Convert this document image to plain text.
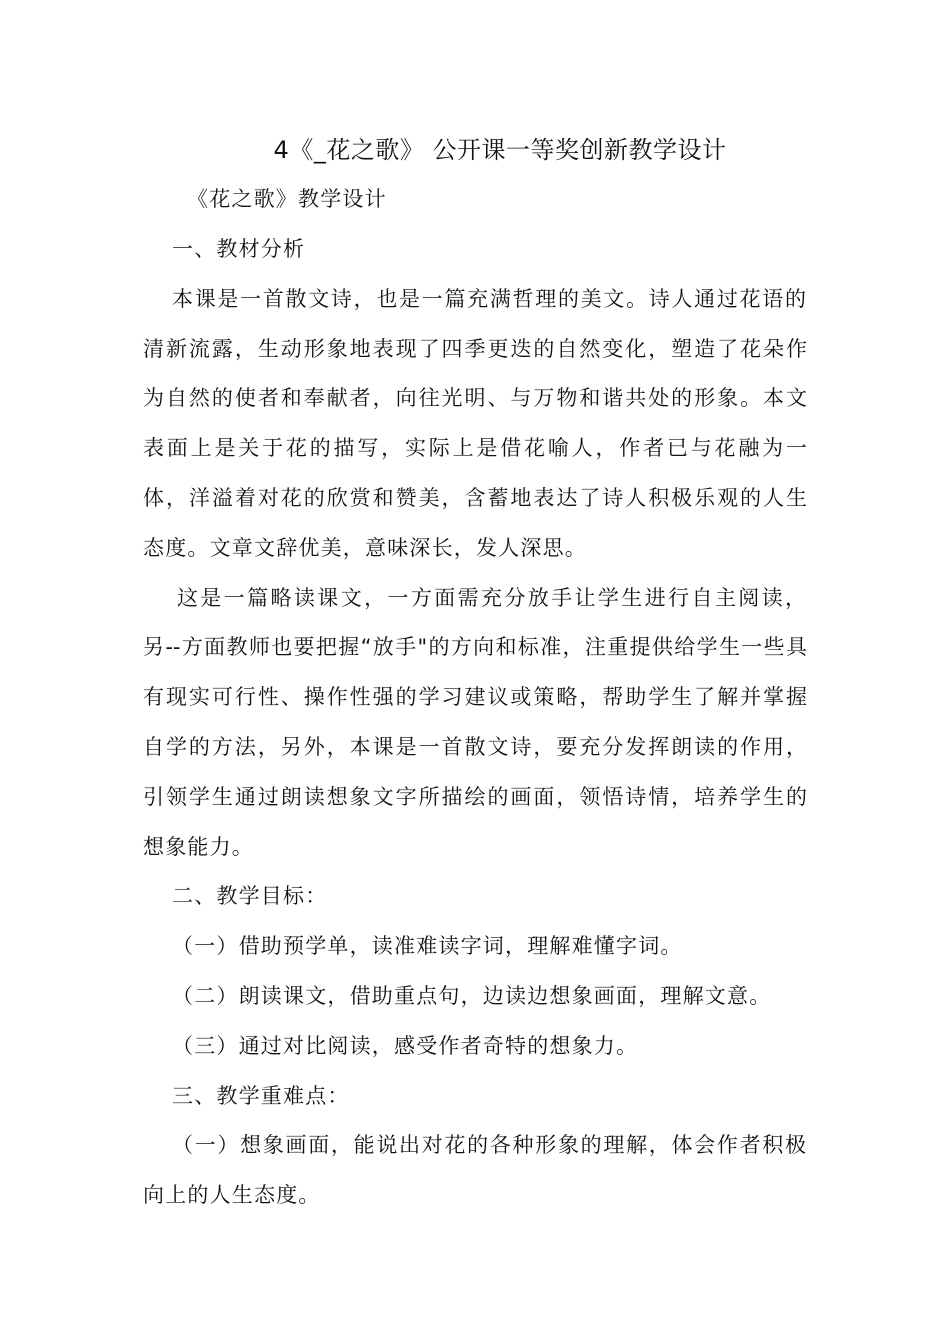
4《_花之歌》 公开课一等奖创新教学设计
《花之歌》教学设计
一、教材分析
本课是一首散文诗，也是一篇充满哲理的美文。诗人通过花语的
清新流露，生动形象地表现了四季更迭的自然变化，塑造了花朵作
为自然的使者和奉献者，向往光明、与万物和谐共处的形象。本文
表面上是关于花的描写，实际上是借花喻人，作者已与花融为一
体，洋溢着对花的欣赏和赞美，含蓄地表达了诗人积极乐观的人生
态度。文章文辞优美，意味深长，发人深思。
这是一篇略读课文，一方面需充分放手让学生进行自主阅读，
另--方面教师也要把握“放手"的方向和标准，注重提供给学生一些具
有现实可行性、操作性强的学习建议或策略，帮助学生了解并掌握
自学的方法，另外，本课是一首散文诗，要充分发挥朗读的作用，
引领学生通过朗读想象文字所描绘的画面，领悟诗情，培养学生的
想象能力。
二、教学目标：
（一）借助预学单，读准难读字词，理解难懂字词。
（二）朗读课文，借助重点句，边读边想象画面，理解文意。
（三）通过对比阅读，感受作者奇特的想象力。
三、教学重难点：
（一）想象画面，能说出对花的各种形象的理解，体会作者积极
向上的人生态度。
